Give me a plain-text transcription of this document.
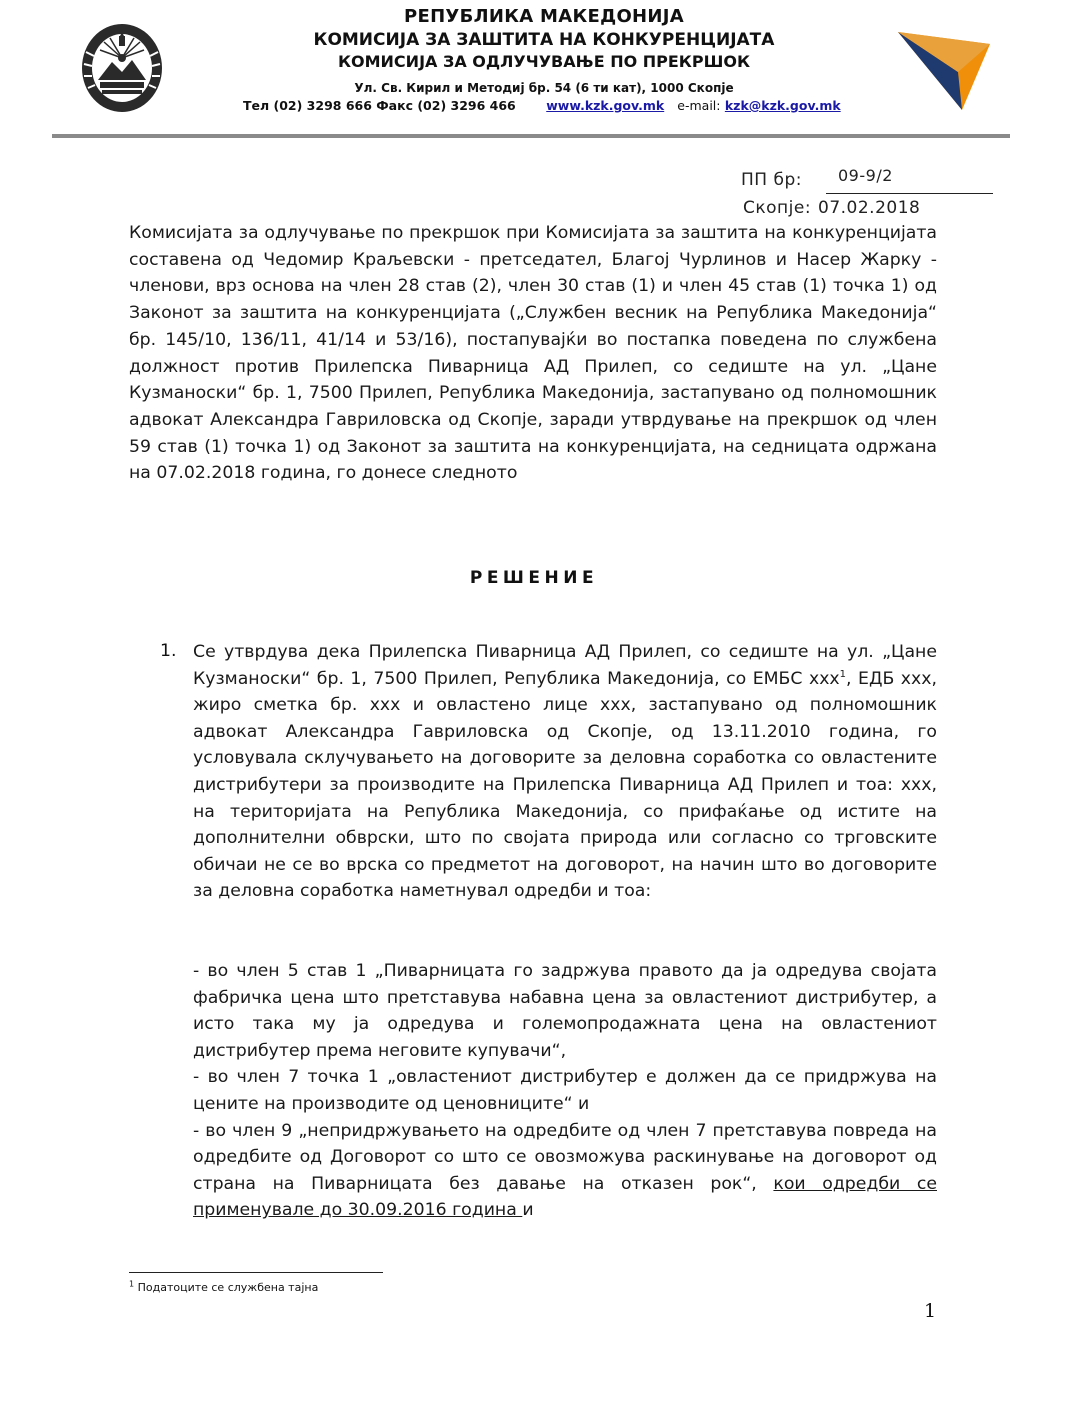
РЕПУБЛИКА МАКЕДОНИЈА
КОМИСИЈА ЗА ЗАШТИТА НА КОНКУРЕНЦИЈАТА
КОМИСИЈА ЗА ОДЛУЧУВАЊЕ ПО ПРЕКРШОК
Ул. Св. Кирил и Методиј бр. 54 (6 ти кат), 1000 Скопје
Тел (02) 3298 666 Факс (02) 3296 466 www.kzk.gov.mk e-mail: kzk@kzk.gov.mk
ПП бр: 09-9/2
Скопје: 07.02.2018
Комисијата за одлучување по прекршок при Комисијата за заштита на конкуренцијата составена од Чедомир Краљевски - претседател, Благој Чурлинов и Насер Жарку - членови, врз основа на член 28 став (2), член 30 став (1) и член 45 став (1) точка 1) од Законот за заштита на конкуренцијата („Службен весник на Република Македонија“ бр. 145/10, 136/11, 41/14 и 53/16), постапувајќи во постапка поведена по службена должност против Прилепска Пиварница АД Прилеп, со седиште на ул. „Цане Кузманоски“ бр. 1, 7500 Прилеп, Република Македонија, застапувано од полномошник адвокат Александра Гавриловска од Скопје, заради утврдување на прекршок од член 59 став (1) точка 1) од Законот за заштита на конкуренцијата, на седницата одржана на 07.02.2018 година, го донесе следното
РЕШЕНИЕ
1. Се утврдува дека Прилепска Пиварница АД Прилеп, со седиште на ул. „Цане Кузманоски“ бр. 1, 7500 Прилеп, Република Македонија, со ЕМБС xxx$^1$, ЕДБ xxx, жиро сметка бр. xxx и овластено лице xxx, застапувано од полномошник адвокат Александра Гавриловска од Скопје, од 13.11.2010 година, го условувала склучувањето на договорите за деловна соработка со овластените дистрибутери за производите на Прилепска Пиварница АД Прилеп и тоа: xxx, на територијата на Република Македонија, со прифаќање од истите на дополнителни обврски, што по својата природа или согласно со трговските обичаи не се во врска со предметот на договорот, на начин што во договорите за деловна соработка наметнувал одредби и тоа:

- во член 5 став 1 „Пиварницата го задржува правото да ја одредува својата фабричка цена што претставува набавна цена за овластениот дистрибутер, а исто така му ја одредува и големопродажната цена на овластениот дистрибутер према неговите купувачи“,

- во член 7 точка 1 „овластениот дистрибутер е должен да се придржува на цените на производите од ценовниците“ и

- во член 9 „непридржувањето на одредбите од член 7 претставува повреда на одредбите од Договорот со што се овозможува раскинување на договорот од страна на Пиварницата без давање на отказен рок“, кои одредби се применувале до 30.09.2016 година и

$^1$ Податоците се службена тајна
1
